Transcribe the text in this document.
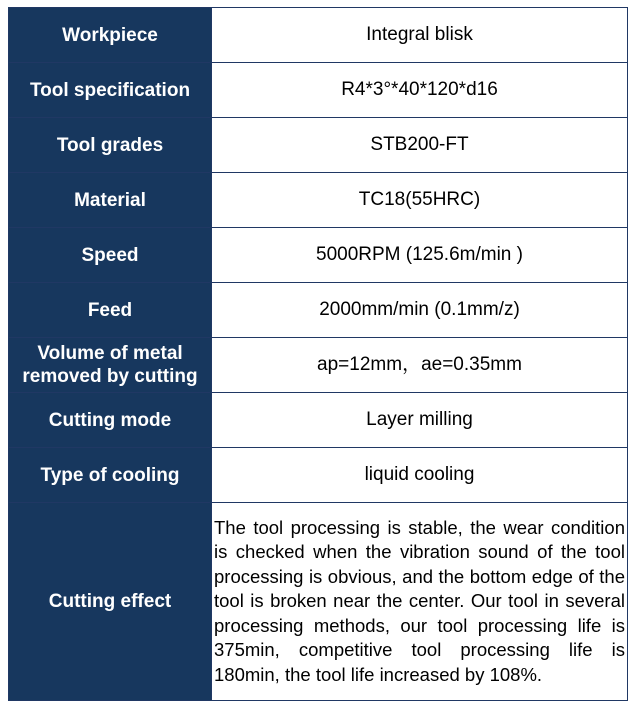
Workpiece	Integral blisk
Tool specification	R4*3°*40*120*d16
Tool grades	STB200-FT
Material	TC18(55HRC)
Speed	5000RPM (125.6m/min )
Feed	2000mm/min (0.1mm/z)
Volume of metal removed by cutting	ap=12mm，ae=0.35mm
Cutting mode	Layer milling
Type of cooling	liquid cooling
Cutting effect	The tool processing is stable, the wear condition is checked when the vibration sound of the tool processing is obvious, and the bottom edge of the tool is broken near the center. Our tool in several processing methods, our tool processing life is 375min, competitive tool processing life is 180min, the tool life increased by 108%.
